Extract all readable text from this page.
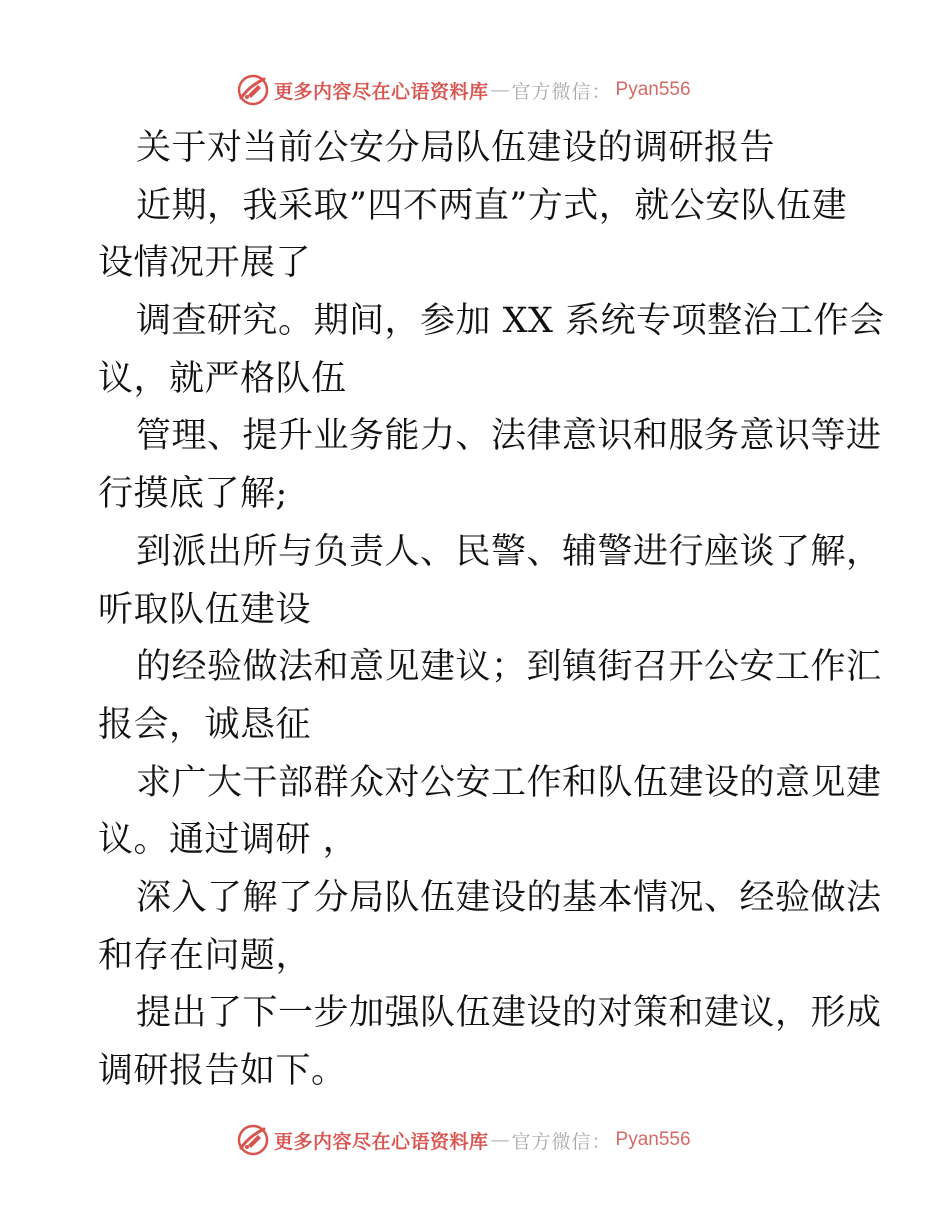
更多内容尽在心语资料库 — 官方微信： Pyan556
关于对当前公安分局队伍建设的调研报告
近期，我采取”四不两直”方式，就公安队伍建
设情况开展了
调查研究。期间，参加 XX 系统专项整治工作会
议，就严格队伍
管理、提升业务能力、法律意识和服务意识等进
行摸底了解;
到派出所与负责人、民警、辅警进行座谈了解，
听取队伍建设
的经验做法和意见建议；到镇街召开公安工作汇
报会，诚恳征
求广大干部群众对公安工作和队伍建设的意见建
议。通过调研 ，
深入了解了分局队伍建设的基本情况、经验做法
和存在问题，
提出了下一步加强队伍建设的对策和建议，形成
调研报告如下。
更多内容尽在心语资料库 — 官方微信： Pyan556
